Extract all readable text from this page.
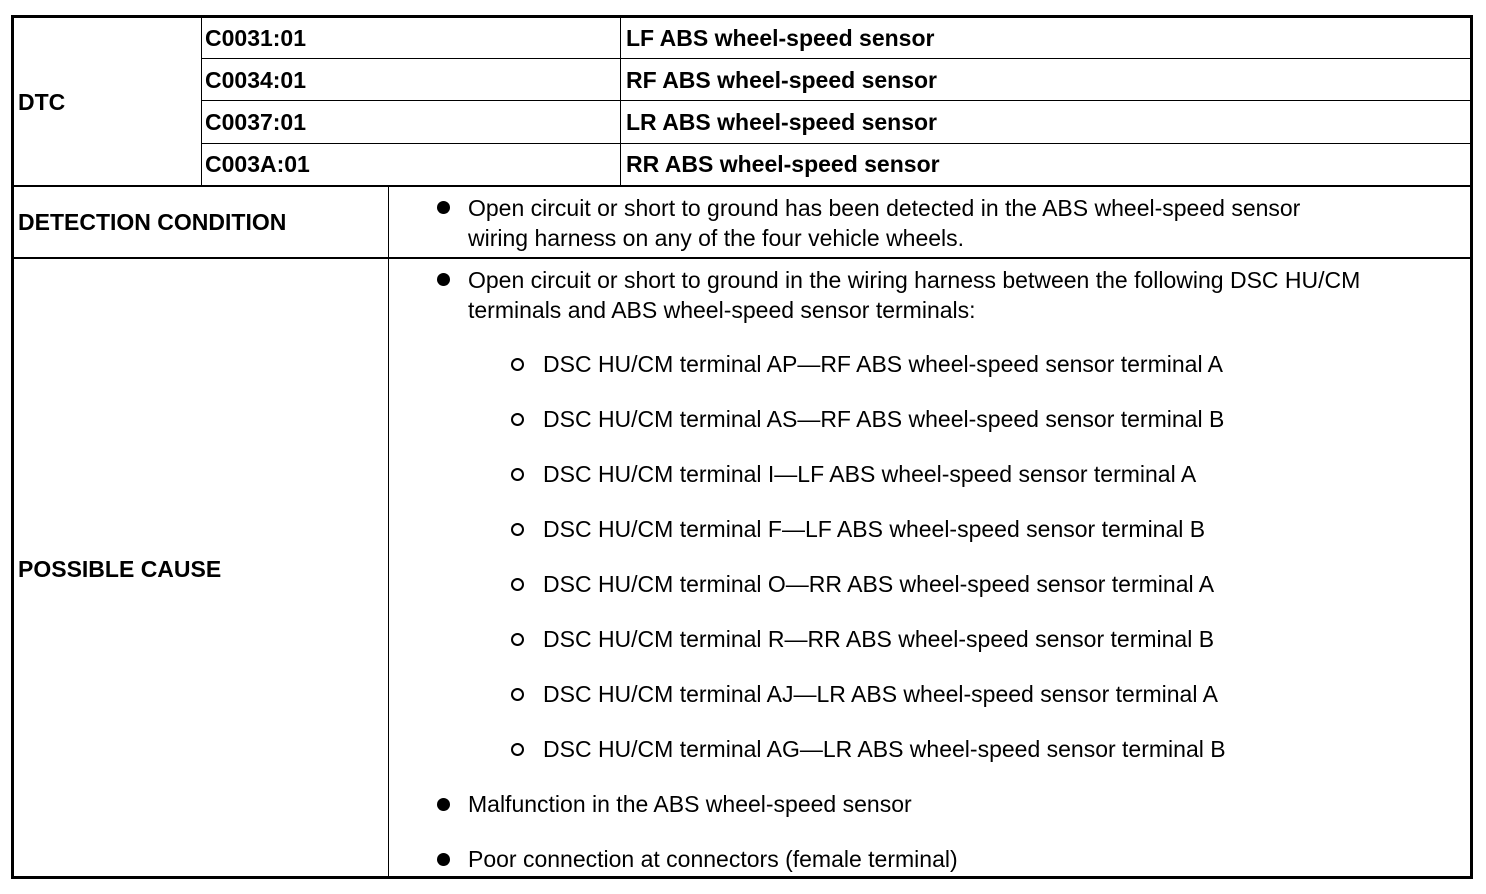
DTC
C0031:01	LF ABS wheel-speed sensor
C0034:01	RF ABS wheel-speed sensor
C0037:01	LR ABS wheel-speed sensor
C003A:01	RR ABS wheel-speed sensor
DETECTION CONDITION
Open circuit or short to ground has been detected in the ABS wheel-speed sensor
wiring harness on any of the four vehicle wheels.
POSSIBLE CAUSE
Open circuit or short to ground in the wiring harness between the following DSC HU/CM
terminals and ABS wheel-speed sensor terminals:
DSC HU/CM terminal AP—RF ABS wheel-speed sensor terminal A
DSC HU/CM terminal AS—RF ABS wheel-speed sensor terminal B
DSC HU/CM terminal I—LF ABS wheel-speed sensor terminal A
DSC HU/CM terminal F—LF ABS wheel-speed sensor terminal B
DSC HU/CM terminal O—RR ABS wheel-speed sensor terminal A
DSC HU/CM terminal R—RR ABS wheel-speed sensor terminal B
DSC HU/CM terminal AJ—LR ABS wheel-speed sensor terminal A
DSC HU/CM terminal AG—LR ABS wheel-speed sensor terminal B
Malfunction in the ABS wheel-speed sensor
Poor connection at connectors (female terminal)
